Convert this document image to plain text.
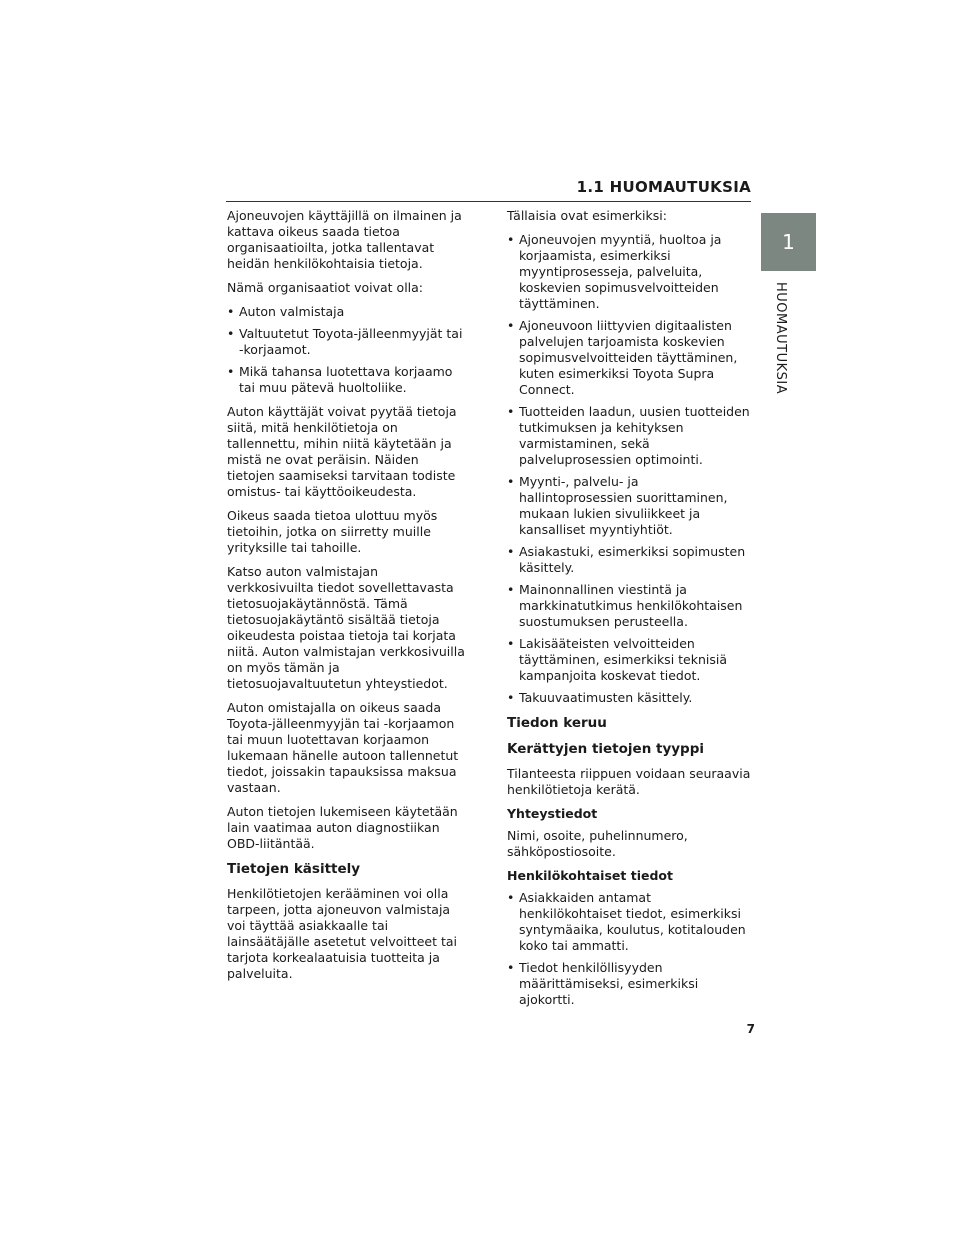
1.1 HUOMAUTUKSIA
1
HUOMAUTUKSIA

Ajoneuvojen käyttäjillä on ilmainen ja kattava oikeus saada tietoa organisaatioilta, jotka tallentavat heidän henkilökohtaisia tietoja.

Nämä organisaatiot voivat olla:

• Auton valmistaja
• Valtuutetut Toyota-jälleenmyyjät tai -korjaamot.
• Mikä tahansa luotettava korjaamo tai muu pätevä huoltoliike.

Auton käyttäjät voivat pyytää tietoja siitä, mitä henkilötietoja on tallennettu, mihin niitä käytetään ja mistä ne ovat peräisin. Näiden tietojen saamiseksi tarvitaan todiste omistus- tai käyttöoikeudesta.

Oikeus saada tietoa ulottuu myös tietoihin, jotka on siirretty muille yrityksille tai tahoille.

Katso auton valmistajan verkkosivuilta tiedot sovellettavasta tietosuojakäytännöstä. Tämä tietosuojakäytäntö sisältää tietoja oikeudesta poistaa tietoja tai korjata niitä. Auton valmistajan verkkosivuilla on myös tämän ja tietosuojavaltuutetun yhteystiedot.

Auton omistajalla on oikeus saada Toyota-jälleenmyyjän tai -korjaamon tai muun luotettavan korjaamon lukemaan hänelle autoon tallennetut tiedot, joissakin tapauksissa maksua vastaan.

Auton tietojen lukemiseen käytetään lain vaatimaa auton diagnostiikan OBD-liitäntää.

Tietojen käsittely

Henkilötietojen kerääminen voi olla tarpeen, jotta ajoneuvon valmistaja voi täyttää asiakkaalle tai lainsäätäjälle asetetut velvoitteet tai tarjota korkealaatuisia tuotteita ja palveluita.

Tällaisia ovat esimerkiksi:

• Ajoneuvojen myyntiä, huoltoa ja korjaamista, esimerkiksi myyntiprosesseja, palveluita, koskevien sopimusvelvoitteiden täyttäminen.
• Ajoneuvoon liittyvien digitaalisten palvelujen tarjoamista koskevien sopimusvelvoitteiden täyttäminen, kuten esimerkiksi Toyota Supra Connect.
• Tuotteiden laadun, uusien tuotteiden tutkimuksen ja kehityksen varmistaminen, sekä palveluprosessien optimointi.
• Myynti-, palvelu- ja hallintoprosessien suorittaminen, mukaan lukien sivuliikkeet ja kansalliset myyntiyhtiöt.
• Asiakastuki, esimerkiksi sopimusten käsittely.
• Mainonnallinen viestintä ja markkinatutkimus henkilökohtaisen suostumuksen perusteella.
• Lakisääteisten velvoitteiden täyttäminen, esimerkiksi teknisiä kampanjoita koskevat tiedot.
• Takuuvaatimusten käsittely.
Tiedon keruu
Kerättyjen tietojen tyyppi

Tilanteesta riippuen voidaan seuraavia henkilötietoja kerätä.

Yhteystiedot

Nimi, osoite, puhelinnumero, sähköpostiosoite.

Henkilökohtaiset tiedot
• Asiakkaiden antamat henkilökohtaiset tiedot, esimerkiksi syntymäaika, koulutus, kotitalouden koko tai ammatti.
• Tiedot henkilöllisyyden määrittämiseksi, esimerkiksi ajokortti.
7
